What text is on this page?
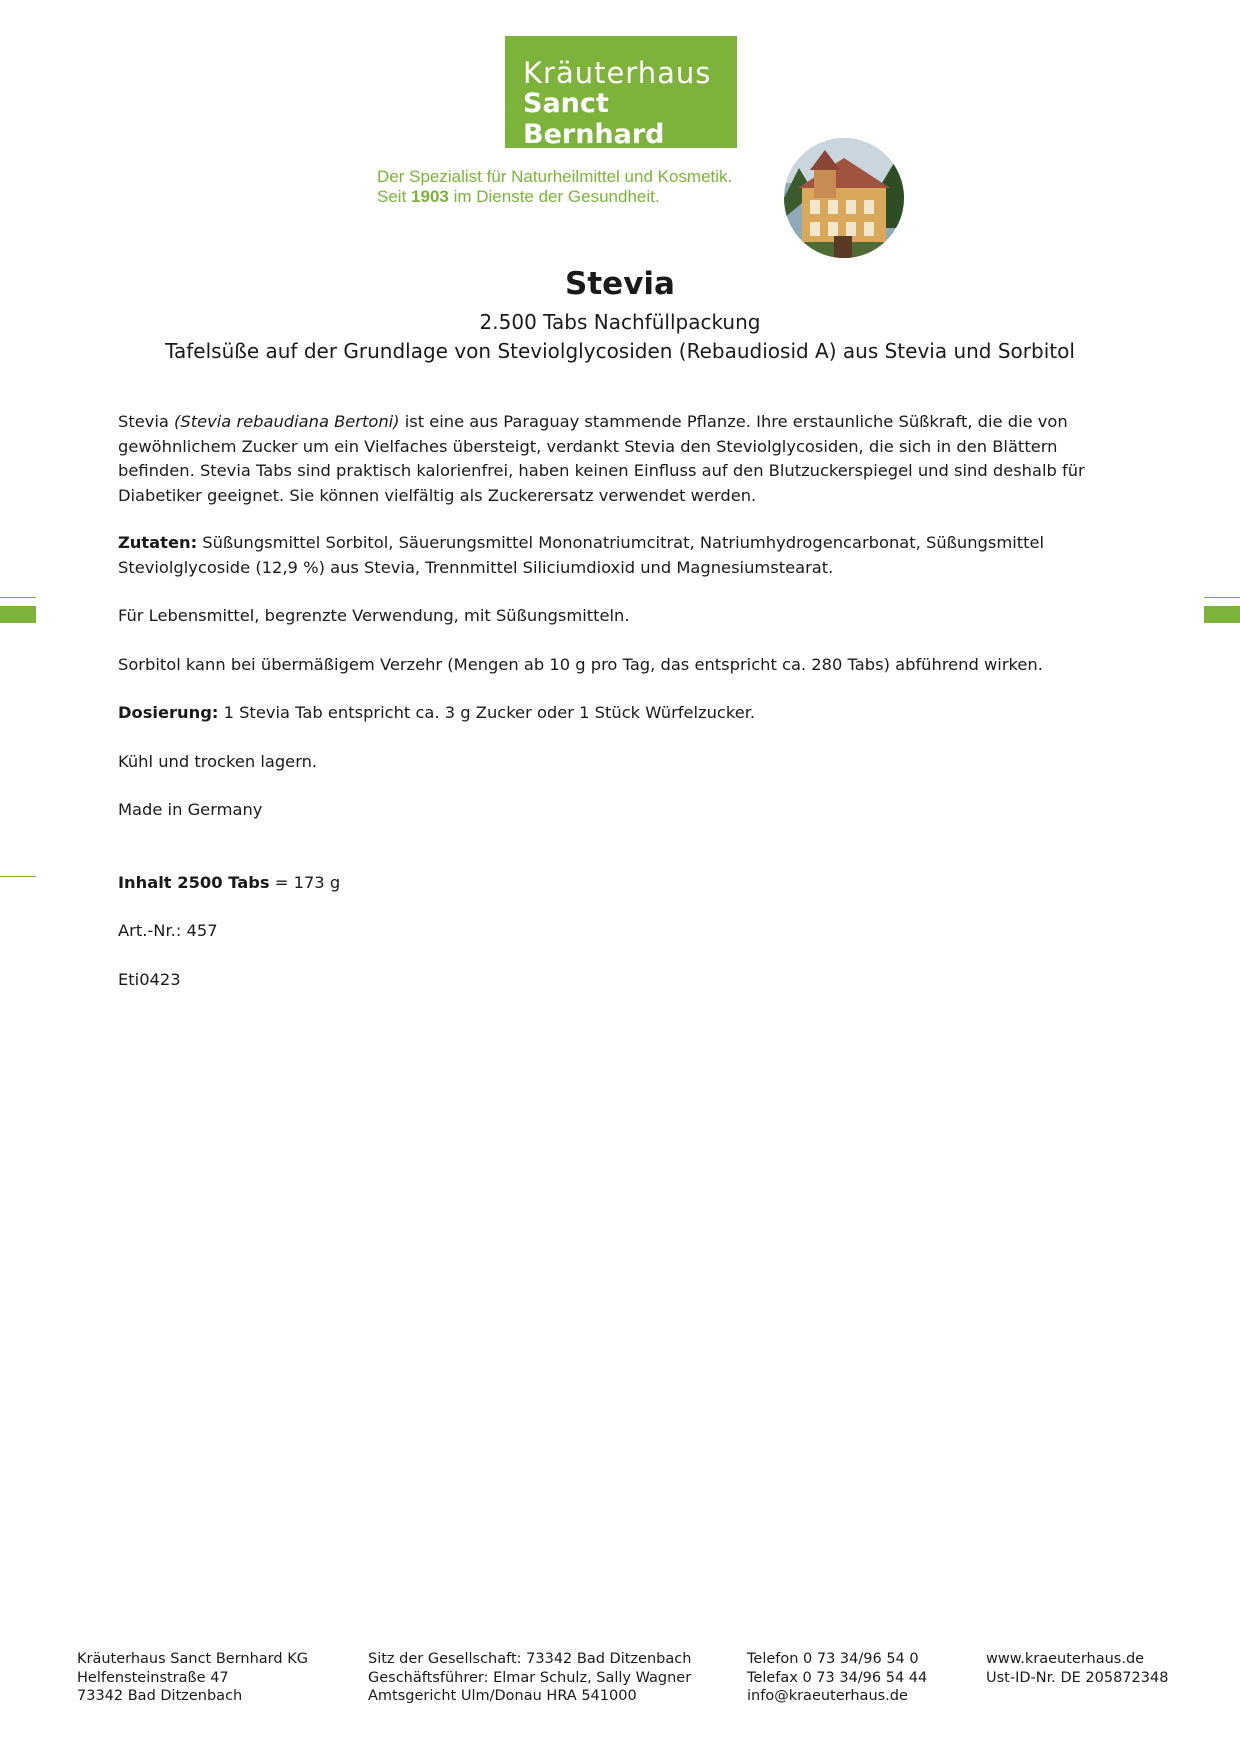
Kräuterhaus
Sanct Bernhard
Der Spezialist für Naturheilmittel und Kosmetik.
Seit 1903 im Dienste der Gesundheit.
Stevia
2.500 Tabs Nachfüllpackung
Tafelsüße auf der Grundlage von Steviolglycosiden (Rebaudiosid A) aus Stevia und Sorbitol
Stevia (Stevia rebaudiana Bertoni) ist eine aus Paraguay stammende Pflanze. Ihre erstaunliche Süßkraft, die die von gewöhnlichem Zucker um ein Vielfaches übersteigt, verdankt Stevia den Steviolglycosiden, die sich in den Blättern befinden. Stevia Tabs sind praktisch kalorienfrei, haben keinen Einfluss auf den Blutzuckerspiegel und sind deshalb für Diabetiker geeignet. Sie können vielfältig als Zuckerersatz verwendet werden.
Zutaten: Süßungsmittel Sorbitol, Säuerungsmittel Mononatriumcitrat, Natriumhydrogencarbonat, Süßungsmittel Steviolglycoside (12,9 %) aus Stevia, Trennmittel Siliciumdioxid und Magnesiumstearat.
Für Lebensmittel, begrenzte Verwendung, mit Süßungsmitteln.
Sorbitol kann bei übermäßigem Verzehr (Mengen ab 10 g pro Tag, das entspricht ca. 280 Tabs) abführend wirken.
Dosierung: 1 Stevia Tab entspricht ca. 3 g Zucker oder 1 Stück Würfelzucker.
Kühl und trocken lagern.
Made in Germany
Inhalt 2500 Tabs = 173 g
Art.-Nr.: 457
Eti0423
Kräuterhaus Sanct Bernhard KG
Helfensteinstraße 47
73342 Bad Ditzenbach
Sitz der Gesellschaft: 73342 Bad Ditzenbach
Geschäftsführer: Elmar Schulz, Sally Wagner
Amtsgericht Ulm/Donau HRA 541000
Telefon 0 73 34/96 54 0
Telefax 0 73 34/96 54 44
info@kraeuterhaus.de
www.kraeuterhaus.de
Ust-ID-Nr. DE 205872348
